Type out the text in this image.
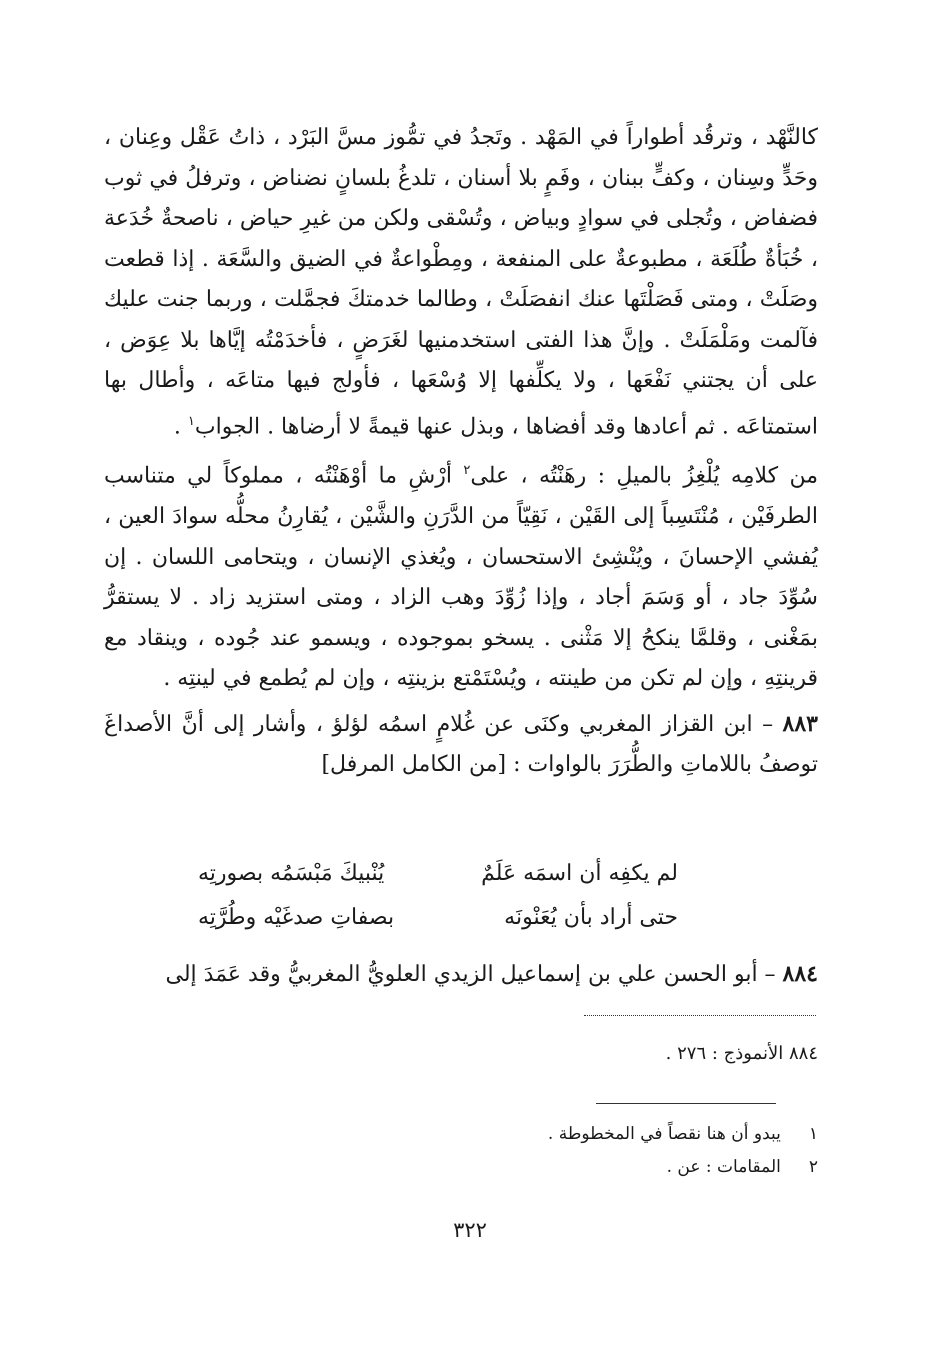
كالنَّهْد ، وترقُد أطواراً في المَهْد . وتَجدُ في تمُّوز مسَّ البَرْد ، ذاتُ عَقْل وعِنان ، وحَدٍّ وسِنان ، وكفٍّ ببنان ، وفَمٍ بلا أسنان ، تلدغُ بلسانٍ نضناض ، وترفلُ في ثوب فضفاض ، وتُجلى في سوادٍ وبياض ، وتُسْقى ولكن من غيرِ حياض ، ناصحةٌ خُدَعة ، خُبَأةٌ طُلَعَة ، مطبوعةٌ على المنفعة ، ومِطْواعةٌ في الضيق والسَّعَة . إذا قطعت وصَلَتْ ، ومتى فَصَلْتَها عنك انفصَلَتْ ، وطالما خدمتكَ فجمَّلت ، وربما جنت عليك فآلمت ومَلْمَلَتْ . وإنَّ هذا الفتى استخدمنيها لغَرَضٍ ، فأخدَمْتُه إيَّاها بلا عِوَض ، على أن يجتني نَفْعَها ، ولا يكلِّفها إلا وُسْعَها ، فأولج فيها متاعَه ، وأطال بها استمتاعَه . ثم أعادها وقد أفضاها ، وبذل عنها قيمةً لا أرضاها . الجواب$^١$ .

من كلامِه يُلْغِزُ بالميلِ : رهَنْتُه ، على$^٢$ أرْشِ ما أوْهَنْتُه ، مملوكاً لي متناسب الطرفَيْن ، مُنْتَسِباً إلى القَيْن ، نَقِيّاً من الدَّرَنِ والشَّيْن ، يُقارِنُ محلُّه سوادَ العين ، يُفشي الإحسانَ ، ويُنْشِئ الاستحسان ، ويُغذي الإنسان ، ويتحامى اللسان . إن سُوِّدَ جاد ، أو وَسَمَ أجاد ، وإذا زُوِّدَ وهب الزاد ، ومتى استزيد زاد . لا يستقرُّ بمَغْنى ، وقلمَّا ينكحُ إلا مَثْنى . يسخو بموجوده ، ويسمو عند جُوده ، وينقاد مع قرينتِهِ ، وإن لم تكن من طينته ، ويُسْتَمْتع بزينتِه ، وإن لم يُطمع في لينتِه .

٨٨٣ – ابن القزاز المغربي وكنَى عن غُلامٍ اسمُه لؤلؤ ، وأشار إلى أنَّ الأصداغَ توصفُ باللاماتِ والطُّرَرَ بالواوات : [من الكامل المرفل]

لم يكفِه أن اسمَه عَلَمٌ
يُنْبيكَ مَبْسَمُه بصورتِه
حتى أراد بأن يُعَنْونَه
بصفاتِ صدغَيْه وطُرَّتِه
٨٨٤ – أبو الحسن علي بن إسماعيل الزيدي العلويُّ المغربيُّ وقد عَمَدَ إلى
٨٨٤ الأنموذج : ٢٧٦ .
١
يبدو أن هنا نقصاً في المخطوطة .
٢
المقامات : عن .
٣٢٢
